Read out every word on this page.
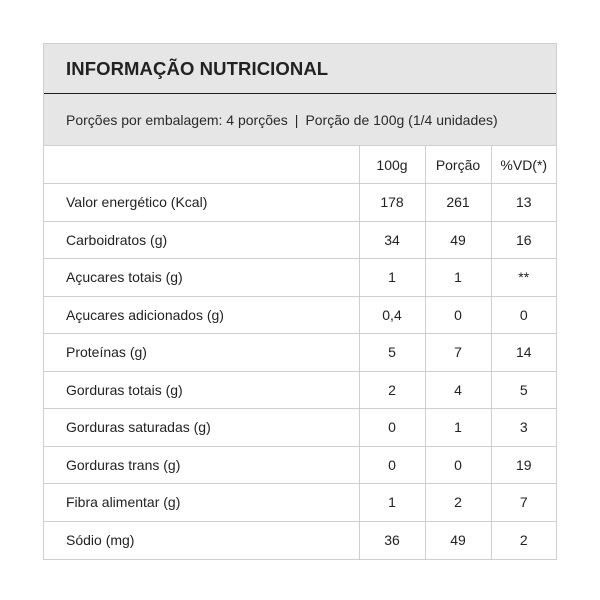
INFORMAÇÃO NUTRICIONAL
Porções por embalagem: 4 porções | Porção de 100g (1/4 unidades)
	100g	Porção	%VD(*)
Valor energético (Kcal)	178	261	13
Carboidratos (g)	34	49	16
Açucares totais (g)	1	1	**
Açucares adicionados (g)	0,4	0	0
Proteínas (g)	5	7	14
Gorduras totais (g)	2	4	5
Gorduras saturadas (g)	0	1	3
Gorduras trans (g)	0	0	19
Fibra alimentar (g)	1	2	7
Sódio (mg)	36	49	2
